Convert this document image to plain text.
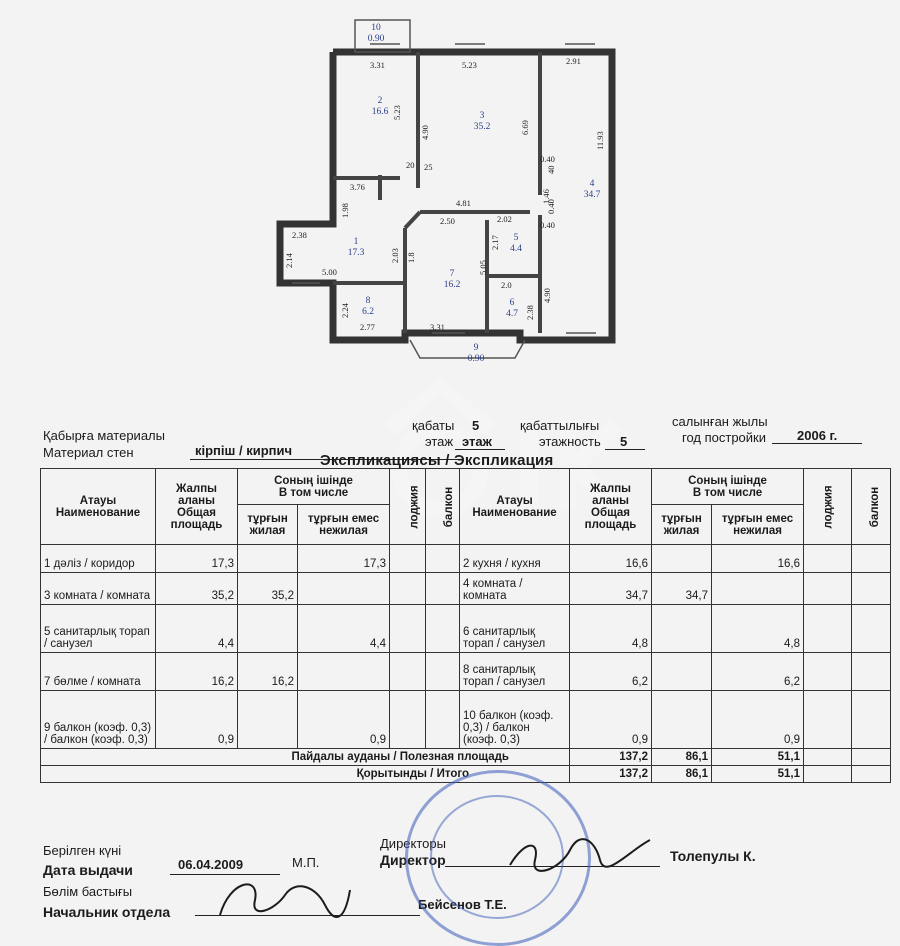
3.31	5.23	2.91
5.23
4.90	6.69
11.93
20 25
3.76
0.40
40
1.98
4.81	1.46
0.40
2.38
2.50	2.02
0.40
2.14	2.03
2.17
5.00	5.05
2.0
2.24
4.90
2.38
2.77	3.31
1.8
1
17.3
2
16.6	3
35.2
4
34.7
5
4.4
6
4.7
7
16.2
8
6.2
9
0.90
10
0.90
Қабырға материалы
Материал стен	кірпіш / кирпич
қабаты 5
этаж этаж
қабаттылығы
этажность 5
салынған жылы
год постройки 2006 г.
Экспликациясы / Экспликация
Атауы
Наименование	Жалпы
аланы
Общая
площадь	Соның ішінде
В том числе		лоджия	балкон	Атауы
Наименование	Жалпы
аланы
Общая
площадь	Соның ішінде
В том числе		лоджия	балкон
		тұрғын
жилая	тұрғын емес
нежилая					тұрғын
жилая	тұрғын емес
нежилая		
1 дәліз / коридор	17,3		17,3			2 кухня / кухня	16,6		16,6		
3 комната / комната	35,2	35,2				4 комната / комната	34,7	34,7			
5 санитарлық торап / санузел	4,4		4,4			6 санитарлық торап / санузел	4,8		4,8		
7 бөлме / комната	16,2	16,2				8 санитарлық торап / санузел	6,2		6,2		
9 балкон (коэф. 0,3) / балкон (коэф. 0,3)	0,9		0,9			10 балкон (коэф. 0,3) / балкон (коэф. 0,3)	0,9		0,9		
Пайдалы ауданы / Полезная площадь							137,2	86,1	51,1		
Қорытынды / Итого							137,2	86,1	51,1		
Берілген күні
Дата выдачи	06.04.2009	М.П.
Директоры
Директор	Толепулы К.
Бөлім бастығы
Начальник отдела	Бейсенов Т.Е.
